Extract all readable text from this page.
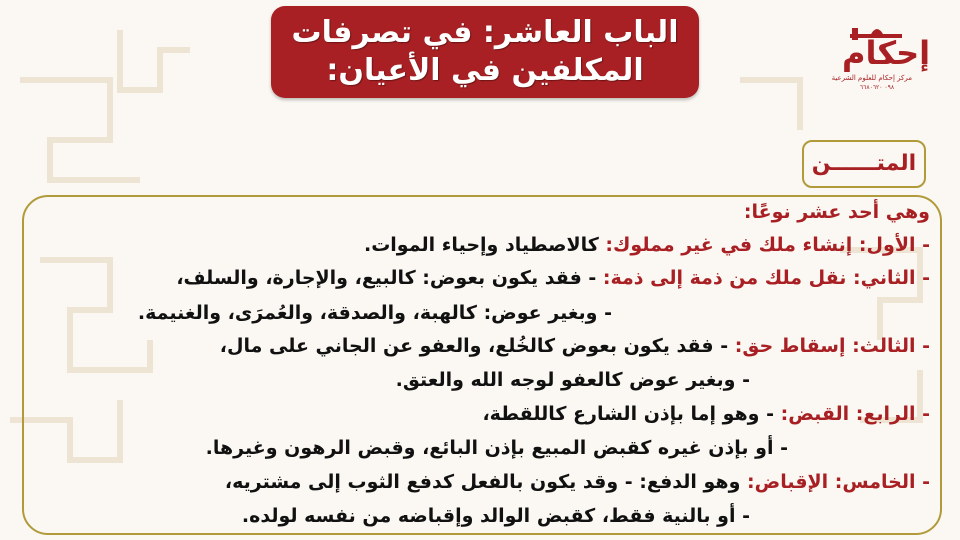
الباب العاشر: في تصرفات
المكلفين في الأعيان:	إحكام
مركز إحكام للعلوم الشرعية
٠٩٨ ٦٦٨٠٦٢٠
المتــــــن
وهي أحد عشر نوعًا:
- الأول: إنشاء ملك في غير مملوك: كالاصطياد وإحياء الموات.
- الثاني: نقل ملك من ذمة إلى ذمة: - فقد يكون بعوض: كالبيع، والإجارة، والسلف،
- وبغير عوض: كالهبة، والصدقة، والعُمرَى، والغنيمة.
- الثالث: إسقاط حق: - فقد يكون بعوض كالخُلع، والعفو عن الجاني على مال،
- وبغير عوض كالعفو لوجه الله والعتق.
- الرابع: القبض: - وهو إما بإذن الشارع كاللقطة،
- أو بإذن غيره كقبض المبيع بإذن البائع، وقبض الرهون وغيرها.
- الخامس: الإقباض: وهو الدفع: - وقد يكون بالفعل كدفع الثوب إلى مشتريه،
- أو بالنية فقط، كقبض الوالد وإقباضه من نفسه لولده.
